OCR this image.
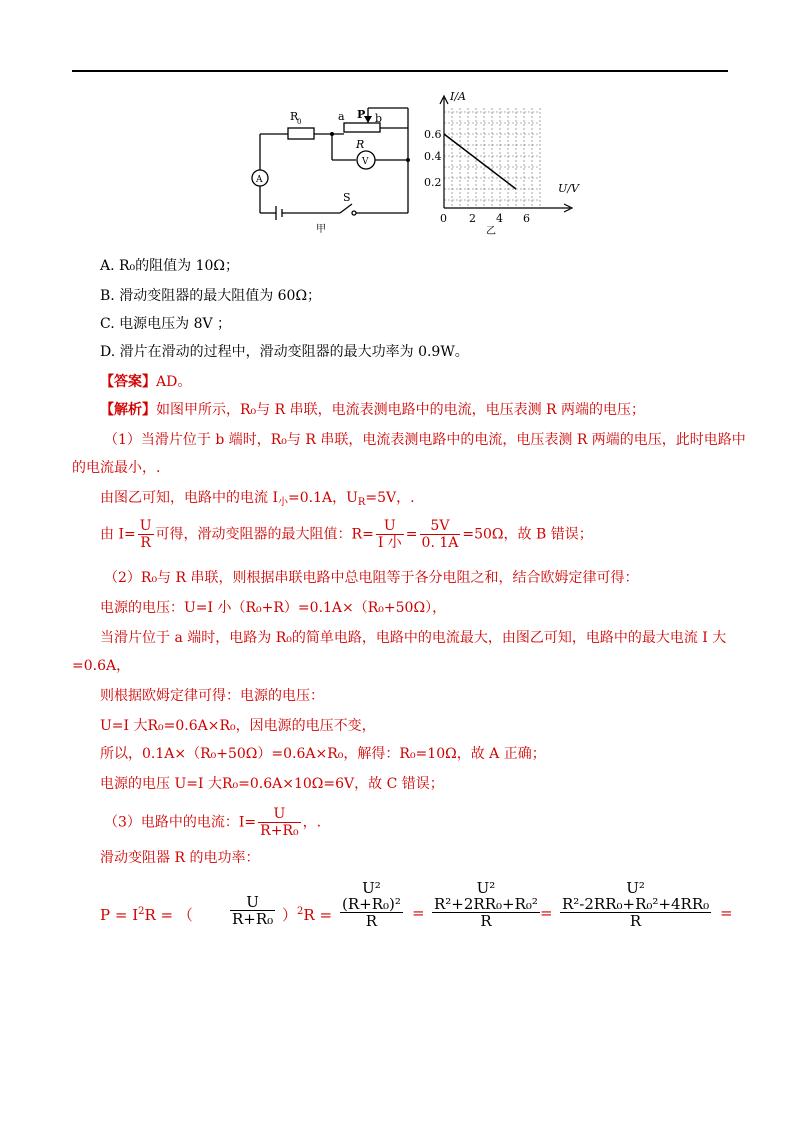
R
0	a P b
R
V
A
S
甲
I/A
U/V
0.6
0.4
0.2
0 2 4 6
乙
A. R₀的阻值为 10Ω；
B. 滑动变阻器的最大阻值为 60Ω；
C. 电源电压为 8V ；
D. 滑片在滑动的过程中，滑动变阻器的最大功率为 0.9W。
【答案】AD。
【解析】如图甲所示，R₀与 R 串联，电流表测电路中的电流，电压表测 R 两端的电压；
（1）当滑片位于 b 端时，R₀与 R 串联，电流表测电路中的电流，电压表测 R 两端的电压，此时电路中
的电流最小，.
由图乙可知，电路中的电流 $I_小=0.1A$，$U_R=5V$，.
由 $I= \frac{U}{R}$ 可得，滑动变阻器的最大阻值：$R= \frac{U}{\text{I 小}} = \frac{5V}{0. 1A} =50\Omega$，故 B 错误；
（2）R₀与 R 串联，则根据串联电路中总电阻等于各分电阻之和，结合欧姆定律可得：
电源的电压：U=I 小（R₀+R）=0.1A×（R₀+50Ω），
当滑片位于 a 端时，电路为 R₀的简单电路，电路中的电流最大，由图乙可知，电路中的最大电流 I 大
=0.6A，
则根据欧姆定律可得：电源的电压：
U=I 大R₀=0.6A×R₀，因电源的电压不变，
所以，0.1A×（R₀+50Ω）=0.6A×R₀，解得：R₀=10Ω，故 A 正确；
电源的电压 U=I 大R₀=0.6A×10Ω=6V，故 C 错误；
（3）电路中的电流：$I= \frac{U}{\text{R+R₀}}$ ，.
滑动变阻器 R 的电功率：
$P = I^2R$ = （ $\frac{U}{\text{R+R₀}} )^2R$ =
U²
(R+R₀)²
R	=
U²
R²+2RR₀+R₀²
R	=
U²
R²-2RR₀+R₀²+4RR₀
R	=
